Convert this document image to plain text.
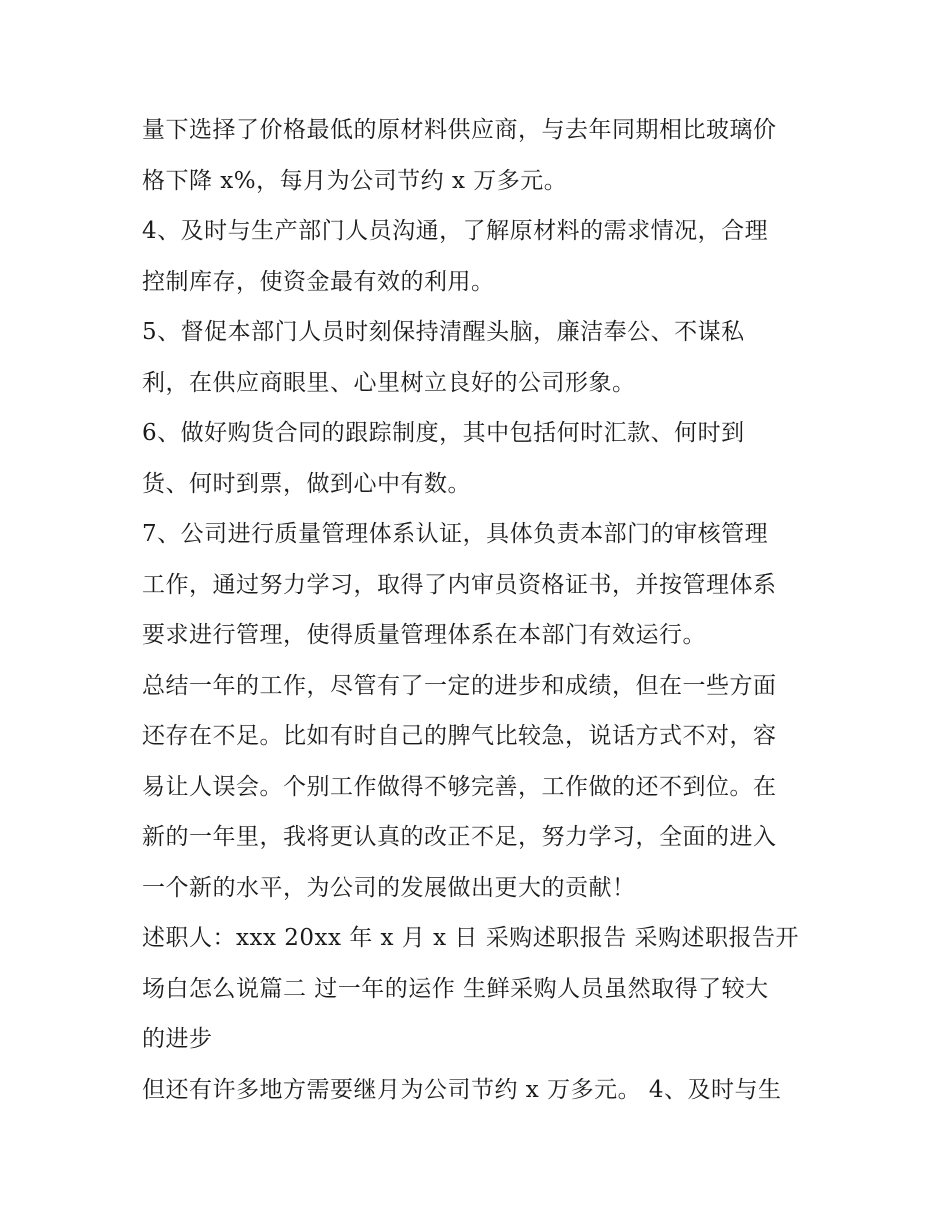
量下选择了价格最低的原材料供应商，与去年同期相比玻璃价
格下降 x%，每月为公司节约 x 万多元。
4、及时与生产部门人员沟通，了解原材料的需求情况，合理
控制库存，使资金最有效的利用。
5、督促本部门人员时刻保持清醒头脑，廉洁奉公、不谋私
利，在供应商眼里、心里树立良好的公司形象。
6、做好购货合同的跟踪制度，其中包括何时汇款、何时到
货、何时到票，做到心中有数。
7、公司进行质量管理体系认证，具体负责本部门的审核管理
工作，通过努力学习，取得了内审员资格证书，并按管理体系
要求进行管理，使得质量管理体系在本部门有效运行。
总结一年的工作，尽管有了一定的进步和成绩，但在一些方面
还存在不足。比如有时自己的脾气比较急，说话方式不对，容
易让人误会。个别工作做得不够完善，工作做的还不到位。在
新的一年里，我将更认真的改正不足，努力学习，全面的进入
一个新的水平，为公司的发展做出更大的贡献！
述职人：xxx 20xx 年 x 月 x 日 采购述职报告 采购述职报告开
场白怎么说篇二 过一年的运作 生鲜采购人员虽然取得了较大
的进步
但还有许多地方需要继月为公司节约 x 万多元。 4、及时与生
